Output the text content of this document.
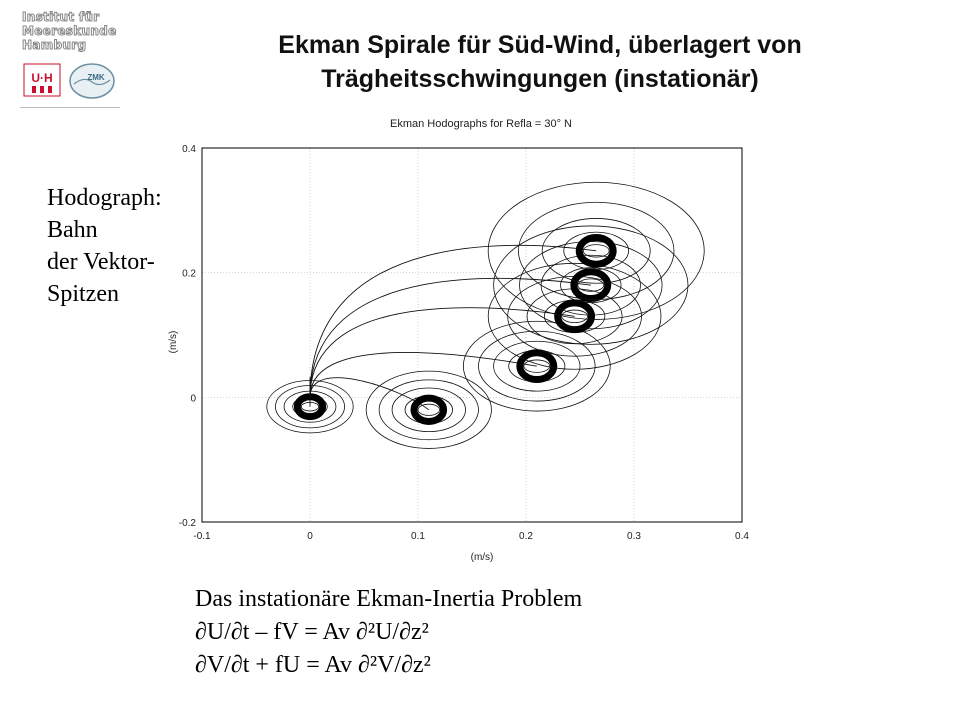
Institut für
Meereskunde
Hamburg
U·H	ZMK
Ekman Spirale für Süd-Wind, überlagert von
Trägheitsschwingungen (instationär)
Hodograph:
Bahn
der Vektor-
Spitzen
Ekman Hodographs for Refla = 30° N
-0.1	0	0.1	0.2	0.3	0.4
-0.2
0
0.2
0.4
(m/s)
(m/s)
Das instationäre Ekman-Inertia Problem
∂U/∂t – fV = Av ∂²U/∂z²
∂V/∂t + fU = Av ∂²V/∂z²
